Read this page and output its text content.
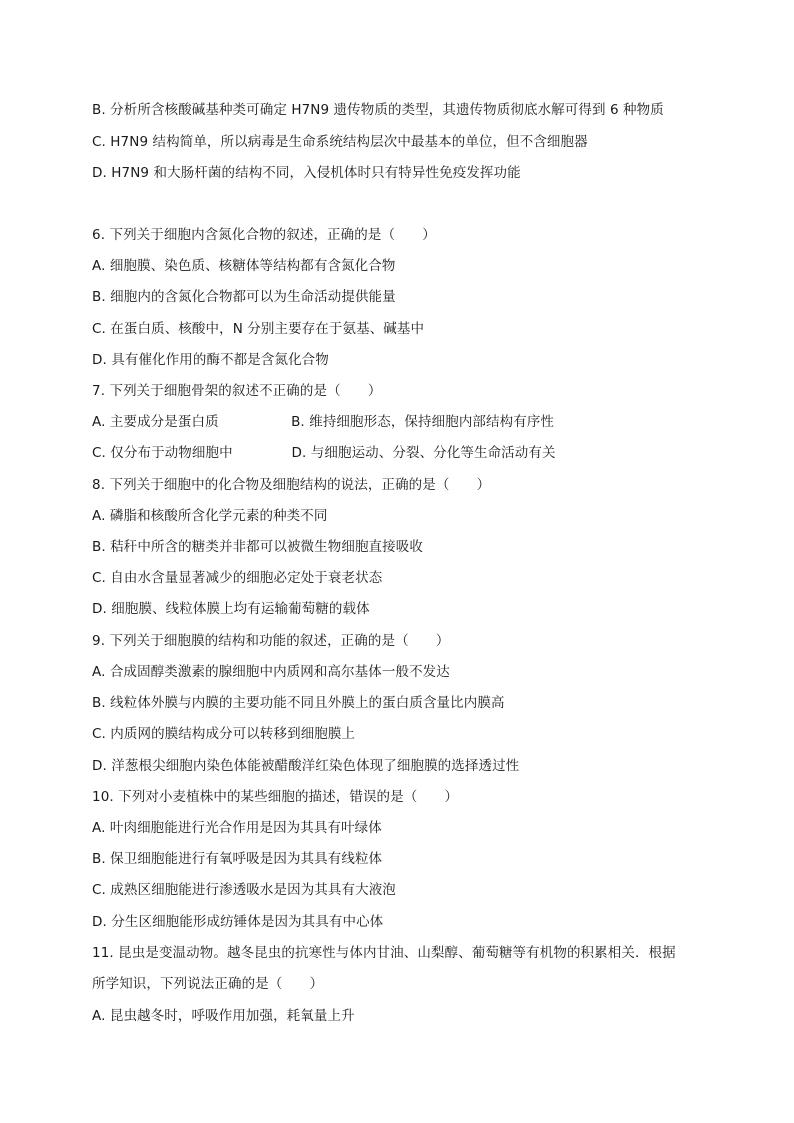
B. 分析所含核酸碱基种类可确定 H7N9 遗传物质的类型，其遗传物质彻底水解可得到 6 种物质
C. H7N9 结构简单，所以病毒是生命系统结构层次中最基本的单位，但不含细胞器
D. H7N9 和大肠杆菌的结构不同，入侵机体时只有特异性免疫发挥功能
6. 下列关于细胞内含氮化合物的叙述，正确的是（　　）
A. 细胞膜、染色质、核糖体等结构都有含氮化合物
B. 细胞内的含氮化合物都可以为生命活动提供能量
C. 在蛋白质、核酸中，N 分别主要存在于氨基、碱基中
D. 具有催化作用的酶不都是含氮化合物
7. 下列关于细胞骨架的叙述不正确的是（　　）
A. 主要成分是蛋白质　　　　　 B. 维持细胞形态，保持细胞内部结构有序性
C. 仅分布于动物细胞中　　　　 D. 与细胞运动、分裂、分化等生命活动有关
8. 下列关于细胞中的化合物及细胞结构的说法，正确的是（　　）
A. 磷脂和核酸所含化学元素的种类不同
B. 秸秆中所含的糖类并非都可以被微生物细胞直接吸收
C. 自由水含量显著减少的细胞必定处于衰老状态
D. 细胞膜、线粒体膜上均有运输葡萄糖的载体
9. 下列关于细胞膜的结构和功能的叙述，正确的是（　　）
A. 合成固醇类激素的腺细胞中内质网和高尔基体一般不发达
B. 线粒体外膜与内膜的主要功能不同且外膜上的蛋白质含量比内膜高
C. 内质网的膜结构成分可以转移到细胞膜上
D. 洋葱根尖细胞内染色体能被醋酸洋红染色体现了细胞膜的选择透过性
10. 下列对小麦植株中的某些细胞的描述，错误的是（　　）
A. 叶肉细胞能进行光合作用是因为其具有叶绿体
B. 保卫细胞能进行有氧呼吸是因为其具有线粒体
C. 成熟区细胞能进行渗透吸水是因为其具有大液泡
D. 分生区细胞能形成纺锤体是因为其具有中心体
11. 昆虫是变温动物。越冬昆虫的抗寒性与体内甘油、山梨醇、葡萄糖等有机物的积累相关．根据
所学知识，下列说法正确的是（　　）
A. 昆虫越冬时，呼吸作用加强，耗氧量上升
